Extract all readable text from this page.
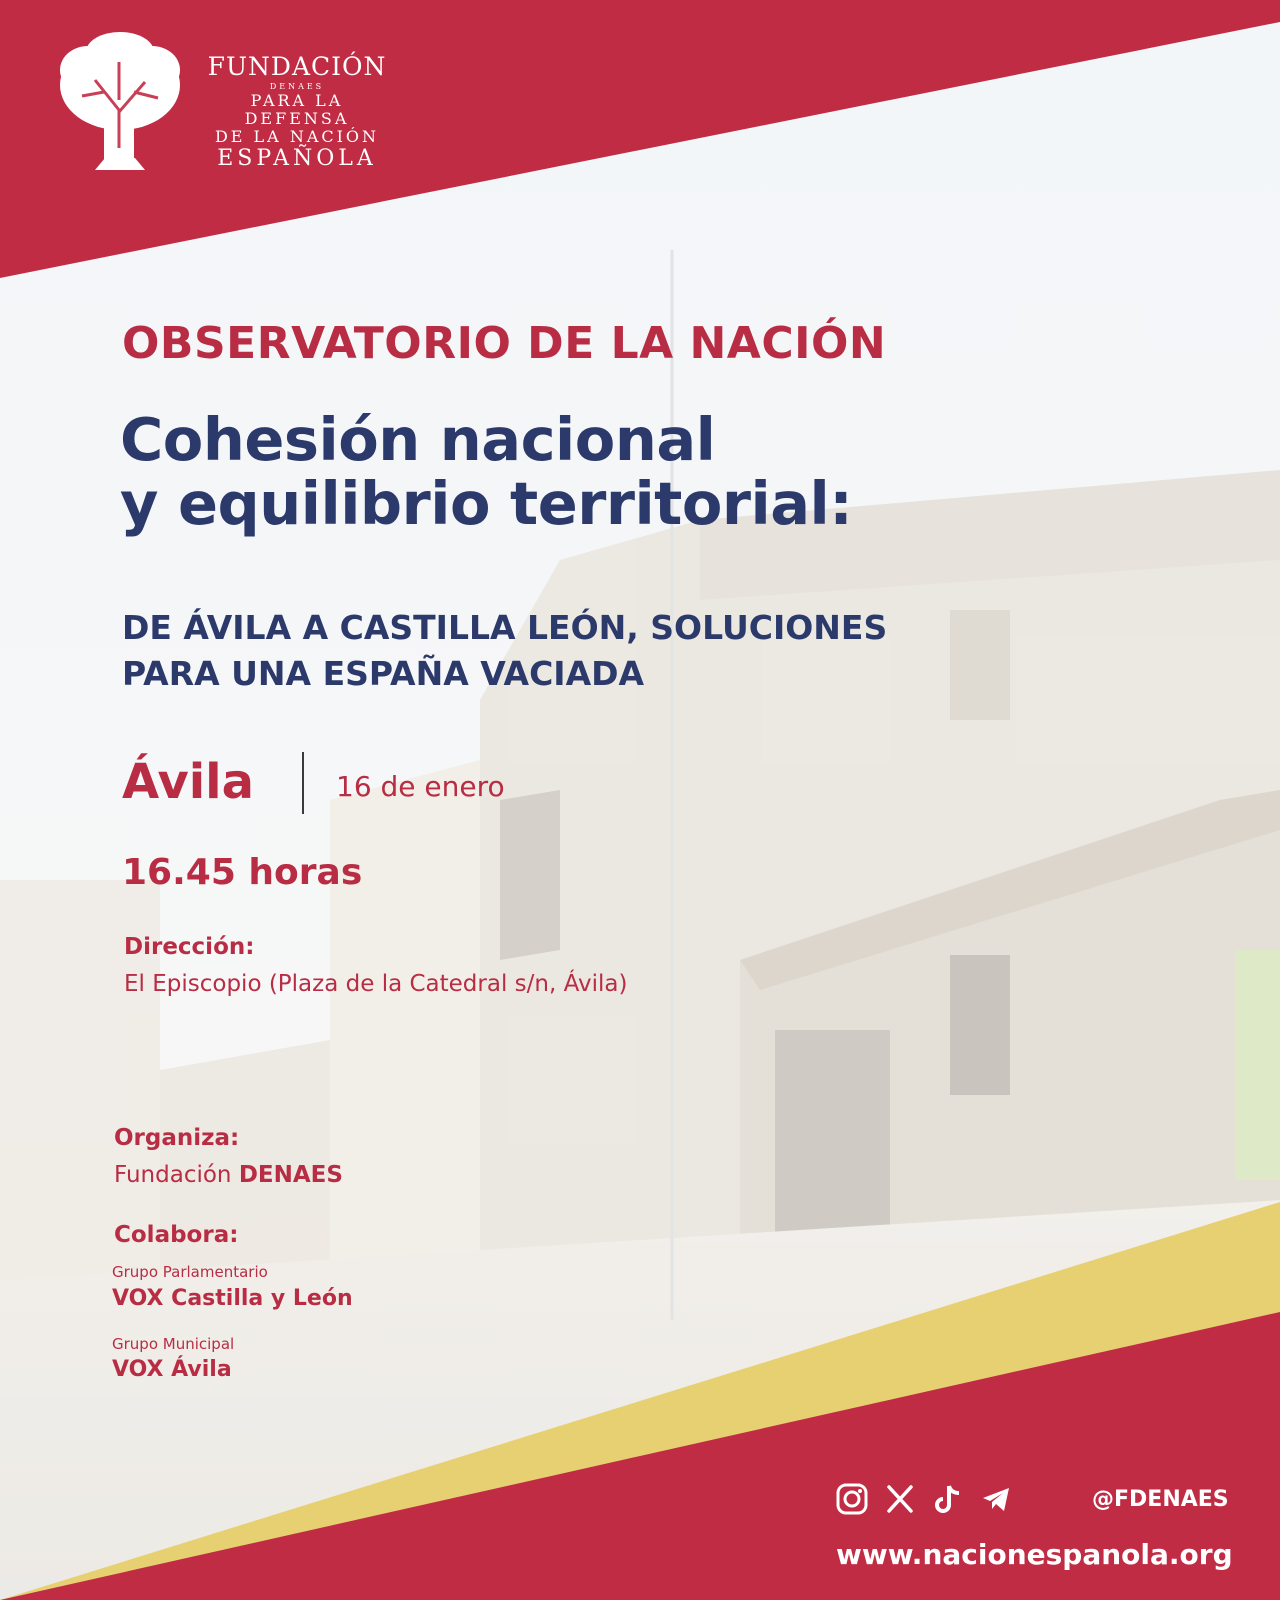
FUNDACIÓN
DENAES
PARA LA DEFENSA
DE LA NACIÓN
ESPAÑOLA
OBSERVATORIO DE LA NACIÓN
Cohesión nacional
y equilibrio territorial:
DE ÁVILA A CASTILLA LEÓN, SOLUCIONES
PARA UNA ESPAÑA VACIADA
Ávila	16 de enero
16.45 horas
Dirección:
El Episcopio (Plaza de la Catedral s/n, Ávila)
Organiza:
Fundación DENAES
Colabora:
Grupo Parlamentario
VOX Castilla y León
Grupo Municipal
VOX Ávila
@FDENAES
www.nacionespanola.org
